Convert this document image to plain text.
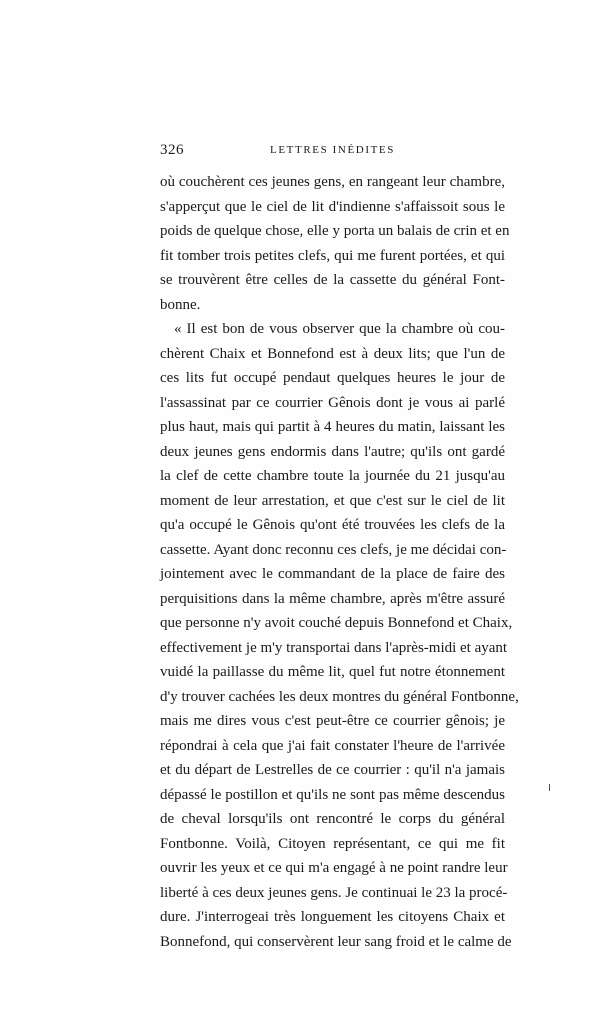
326	LETTRES INÉDITES
où couchèrent ces jeunes gens, en rangeant leur chambre,
s'apperçut que le ciel de lit d'indienne s'affaissoit sous le
poids de quelque chose, elle y porta un balais de crin et en
fit tomber trois petites clefs, qui me furent portées, et qui
se trouvèrent être celles de la cassette du général Font-
bonne.
« Il est bon de vous observer que la chambre où cou-
chèrent Chaix et Bonnefond est à deux lits; que l'un de
ces lits fut occupé pendaut quelques heures le jour de
l'assassinat par ce courrier Gênois dont je vous ai parlé
plus haut, mais qui partit à 4 heures du matin, laissant les
deux jeunes gens endormis dans l'autre; qu'ils ont gardé
la clef de cette chambre toute la journée du 21 jusqu'au
moment de leur arrestation, et que c'est sur le ciel de lit
qu'a occupé le Gênois qu'ont été trouvées les clefs de la
cassette. Ayant donc reconnu ces clefs, je me décidai con-
jointement avec le commandant de la place de faire des
perquisitions dans la même chambre, après m'être assuré
que personne n'y avoit couché depuis Bonnefond et Chaix,
effectivement je m'y transportai dans l'après-midi et ayant
vuidé la paillasse du même lit, quel fut notre étonnement
d'y trouver cachées les deux montres du général Fontbonne,
mais me dires vous c'est peut-être ce courrier gênois; je
répondrai à cela que j'ai fait constater l'heure de l'arrivée
et du départ de Lestrelles de ce courrier : qu'il n'a jamais
dépassé le postillon et qu'ils ne sont pas même descendus
de cheval lorsqu'ils ont rencontré le corps du général
Fontbonne. Voilà, Citoyen représentant, ce qui me fit
ouvrir les yeux et ce qui m'a engagé à ne point randre leur
liberté à ces deux jeunes gens. Je continuai le 23 la procé-
dure. J'interrogeai très longuement les citoyens Chaix et
Bonnefond, qui conservèrent leur sang froid et le calme de
